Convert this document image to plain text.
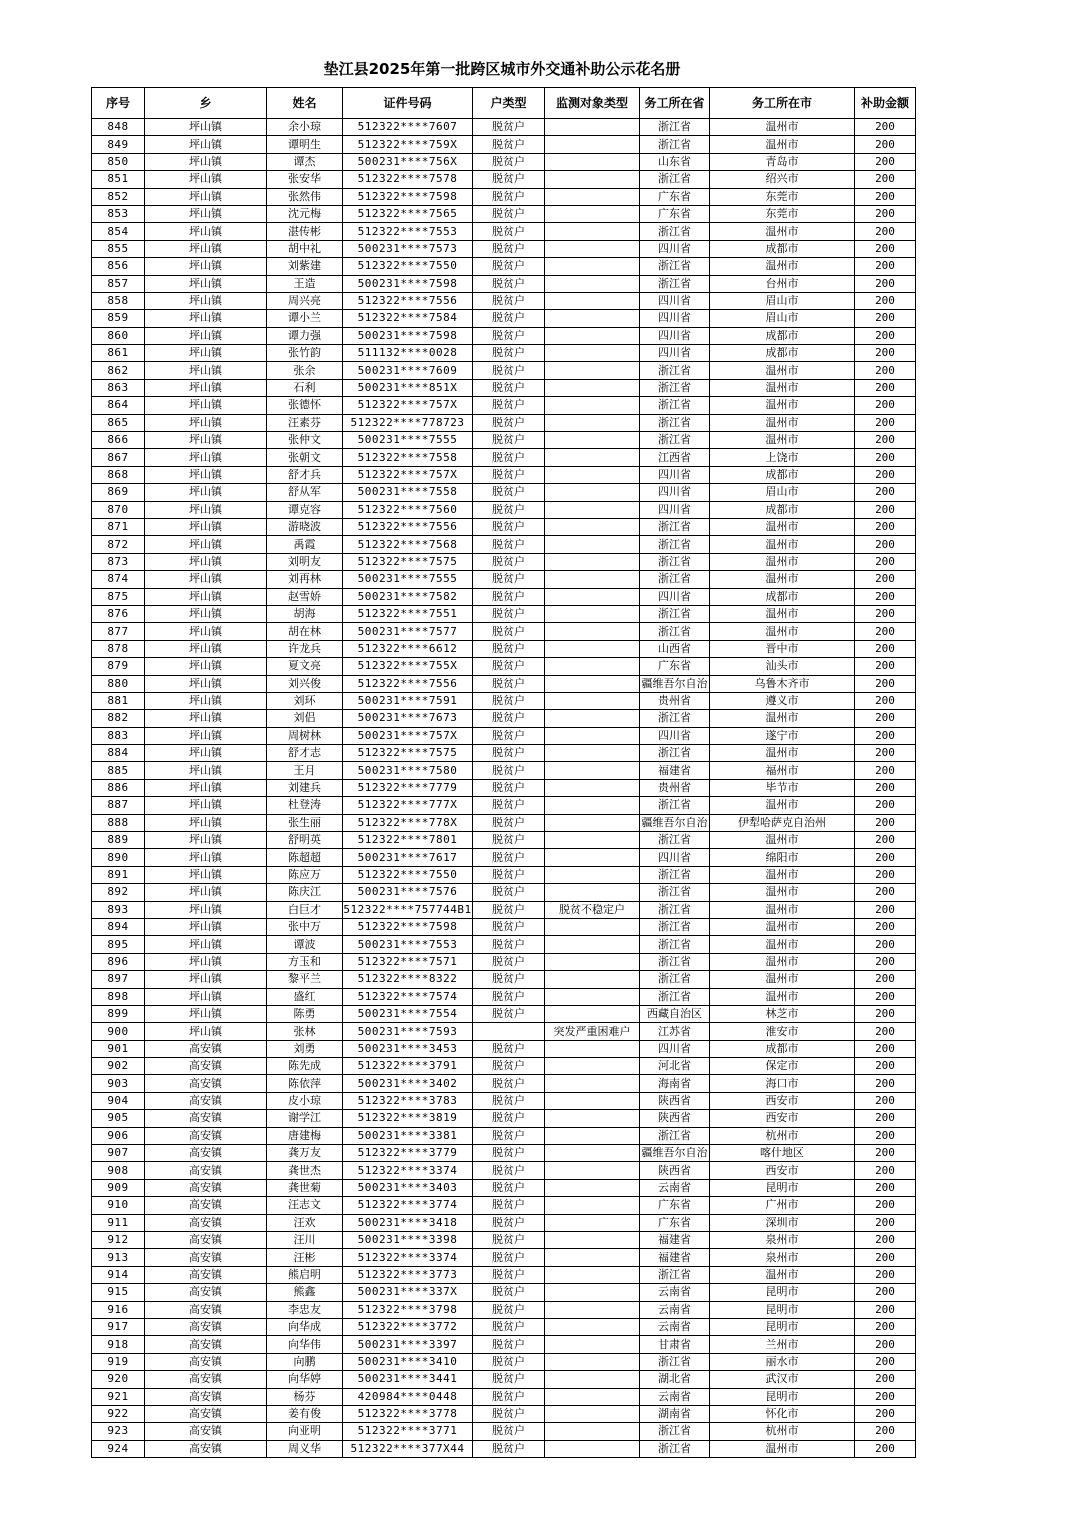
垫江县2025年第一批跨区城市外交通补助公示花名册
序号	乡	姓名	证件号码	户类型	监测对象类型	务工所在省	务工所在市	补助金额
848	坪山镇	余小琼	512322****7607	脱贫户		浙江省	温州市	200
849	坪山镇	谭明生	512322****759X	脱贫户		浙江省	温州市	200
850	坪山镇	谭杰	500231****756X	脱贫户		山东省	青岛市	200
851	坪山镇	张安华	512322****7578	脱贫户		浙江省	绍兴市	200
852	坪山镇	张然伟	512322****7598	脱贫户		广东省	东莞市	200
853	坪山镇	沈元梅	512322****7565	脱贫户		广东省	东莞市	200
854	坪山镇	湛传彬	512322****7553	脱贫户		浙江省	温州市	200
855	坪山镇	胡中礼	500231****7573	脱贫户		四川省	成都市	200
856	坪山镇	刘紫建	512322****7550	脱贫户		浙江省	温州市	200
857	坪山镇	王造	500231****7598	脱贫户		浙江省	台州市	200
858	坪山镇	周兴亮	512322****7556	脱贫户		四川省	眉山市	200
859	坪山镇	谭小兰	512322****7584	脱贫户		四川省	眉山市	200
860	坪山镇	谭力强	500231****7598	脱贫户		四川省	成都市	200
861	坪山镇	张竹韵	511132****0028	脱贫户		四川省	成都市	200
862	坪山镇	张余	500231****7609	脱贫户		浙江省	温州市	200
863	坪山镇	石利	500231****851X	脱贫户		浙江省	温州市	200
864	坪山镇	张德怀	512322****757X	脱贫户		浙江省	温州市	200
865	坪山镇	汪素芬	512322****778723	脱贫户		浙江省	温州市	200
866	坪山镇	张仲文	500231****7555	脱贫户		浙江省	温州市	200
867	坪山镇	张朝文	512322****7558	脱贫户		江西省	上饶市	200
868	坪山镇	舒才兵	512322****757X	脱贫户		四川省	成都市	200
869	坪山镇	舒从军	500231****7558	脱贫户		四川省	眉山市	200
870	坪山镇	谭克容	512322****7560	脱贫户		四川省	成都市	200
871	坪山镇	游晓波	512322****7556	脱贫户		浙江省	温州市	200
872	坪山镇	禹霞	512322****7568	脱贫户		浙江省	温州市	200
873	坪山镇	刘明友	512322****7575	脱贫户		浙江省	温州市	200
874	坪山镇	刘再林	500231****7555	脱贫户		浙江省	温州市	200
875	坪山镇	赵雪娇	500231****7582	脱贫户		四川省	成都市	200
876	坪山镇	胡海	512322****7551	脱贫户		浙江省	温州市	200
877	坪山镇	胡在林	500231****7577	脱贫户		浙江省	温州市	200
878	坪山镇	许龙兵	512322****6612	脱贫户		山西省	晋中市	200
879	坪山镇	夏文亮	512322****755X	脱贫户		广东省	汕头市	200
880	坪山镇	刘兴俊	512322****7556	脱贫户		疆维吾尔自治	乌鲁木齐市	200
881	坪山镇	刘环	500231****7591	脱贫户		贵州省	遵义市	200
882	坪山镇	刘侣	500231****7673	脱贫户		浙江省	温州市	200
883	坪山镇	周树林	500231****757X	脱贫户		四川省	遂宁市	200
884	坪山镇	舒才志	512322****7575	脱贫户		浙江省	温州市	200
885	坪山镇	王月	500231****7580	脱贫户		福建省	福州市	200
886	坪山镇	刘建兵	512322****7779	脱贫户		贵州省	毕节市	200
887	坪山镇	杜登涛	512322****777X	脱贫户		浙江省	温州市	200
888	坪山镇	张生丽	512322****778X	脱贫户		疆维吾尔自治	伊犁哈萨克自治州	200
889	坪山镇	舒明英	512322****7801	脱贫户		浙江省	温州市	200
890	坪山镇	陈超超	500231****7617	脱贫户		四川省	绵阳市	200
891	坪山镇	陈应万	512322****7550	脱贫户		浙江省	温州市	200
892	坪山镇	陈庆江	500231****7576	脱贫户		浙江省	温州市	200
893	坪山镇	白巨才	512322****757744B1	脱贫户	脱贫不稳定户	浙江省	温州市	200
894	坪山镇	张中万	512322****7598	脱贫户		浙江省	温州市	200
895	坪山镇	谭波	500231****7553	脱贫户		浙江省	温州市	200
896	坪山镇	方玉和	512322****7571	脱贫户		浙江省	温州市	200
897	坪山镇	黎平兰	512322****8322	脱贫户		浙江省	温州市	200
898	坪山镇	盛红	512322****7574	脱贫户		浙江省	温州市	200
899	坪山镇	陈勇	500231****7554	脱贫户		西藏自治区	林芝市	200
900	坪山镇	张林	500231****7593		突发严重困难户	江苏省	淮安市	200
901	高安镇	刘勇	500231****3453	脱贫户		四川省	成都市	200
902	高安镇	陈先成	512322****3791	脱贫户		河北省	保定市	200
903	高安镇	陈依萍	500231****3402	脱贫户		海南省	海口市	200
904	高安镇	皮小琼	512322****3783	脱贫户		陕西省	西安市	200
905	高安镇	谢学江	512322****3819	脱贫户		陕西省	西安市	200
906	高安镇	唐建梅	500231****3381	脱贫户		浙江省	杭州市	200
907	高安镇	龚万友	512322****3779	脱贫户		疆维吾尔自治	喀什地区	200
908	高安镇	龚世杰	512322****3374	脱贫户		陕西省	西安市	200
909	高安镇	龚世菊	500231****3403	脱贫户		云南省	昆明市	200
910	高安镇	汪志文	512322****3774	脱贫户		广东省	广州市	200
911	高安镇	汪欢	500231****3418	脱贫户		广东省	深圳市	200
912	高安镇	汪川	500231****3398	脱贫户		福建省	泉州市	200
913	高安镇	汪彬	512322****3374	脱贫户		福建省	泉州市	200
914	高安镇	熊启明	512322****3773	脱贫户		浙江省	温州市	200
915	高安镇	熊鑫	500231****337X	脱贫户		云南省	昆明市	200
916	高安镇	李忠友	512322****3798	脱贫户		云南省	昆明市	200
917	高安镇	向华成	512322****3772	脱贫户		云南省	昆明市	200
918	高安镇	向华伟	500231****3397	脱贫户		甘肃省	兰州市	200
919	高安镇	向鹏	500231****3410	脱贫户		浙江省	丽水市	200
920	高安镇	向华婷	500231****3441	脱贫户		湖北省	武汉市	200
921	高安镇	杨芬	420984****0448	脱贫户		云南省	昆明市	200
922	高安镇	姜有俊	512322****3778	脱贫户		湖南省	怀化市	200
923	高安镇	向亚明	512322****3771	脱贫户		浙江省	杭州市	200
924	高安镇	周义华	512322****377X44	脱贫户		浙江省	温州市	200
